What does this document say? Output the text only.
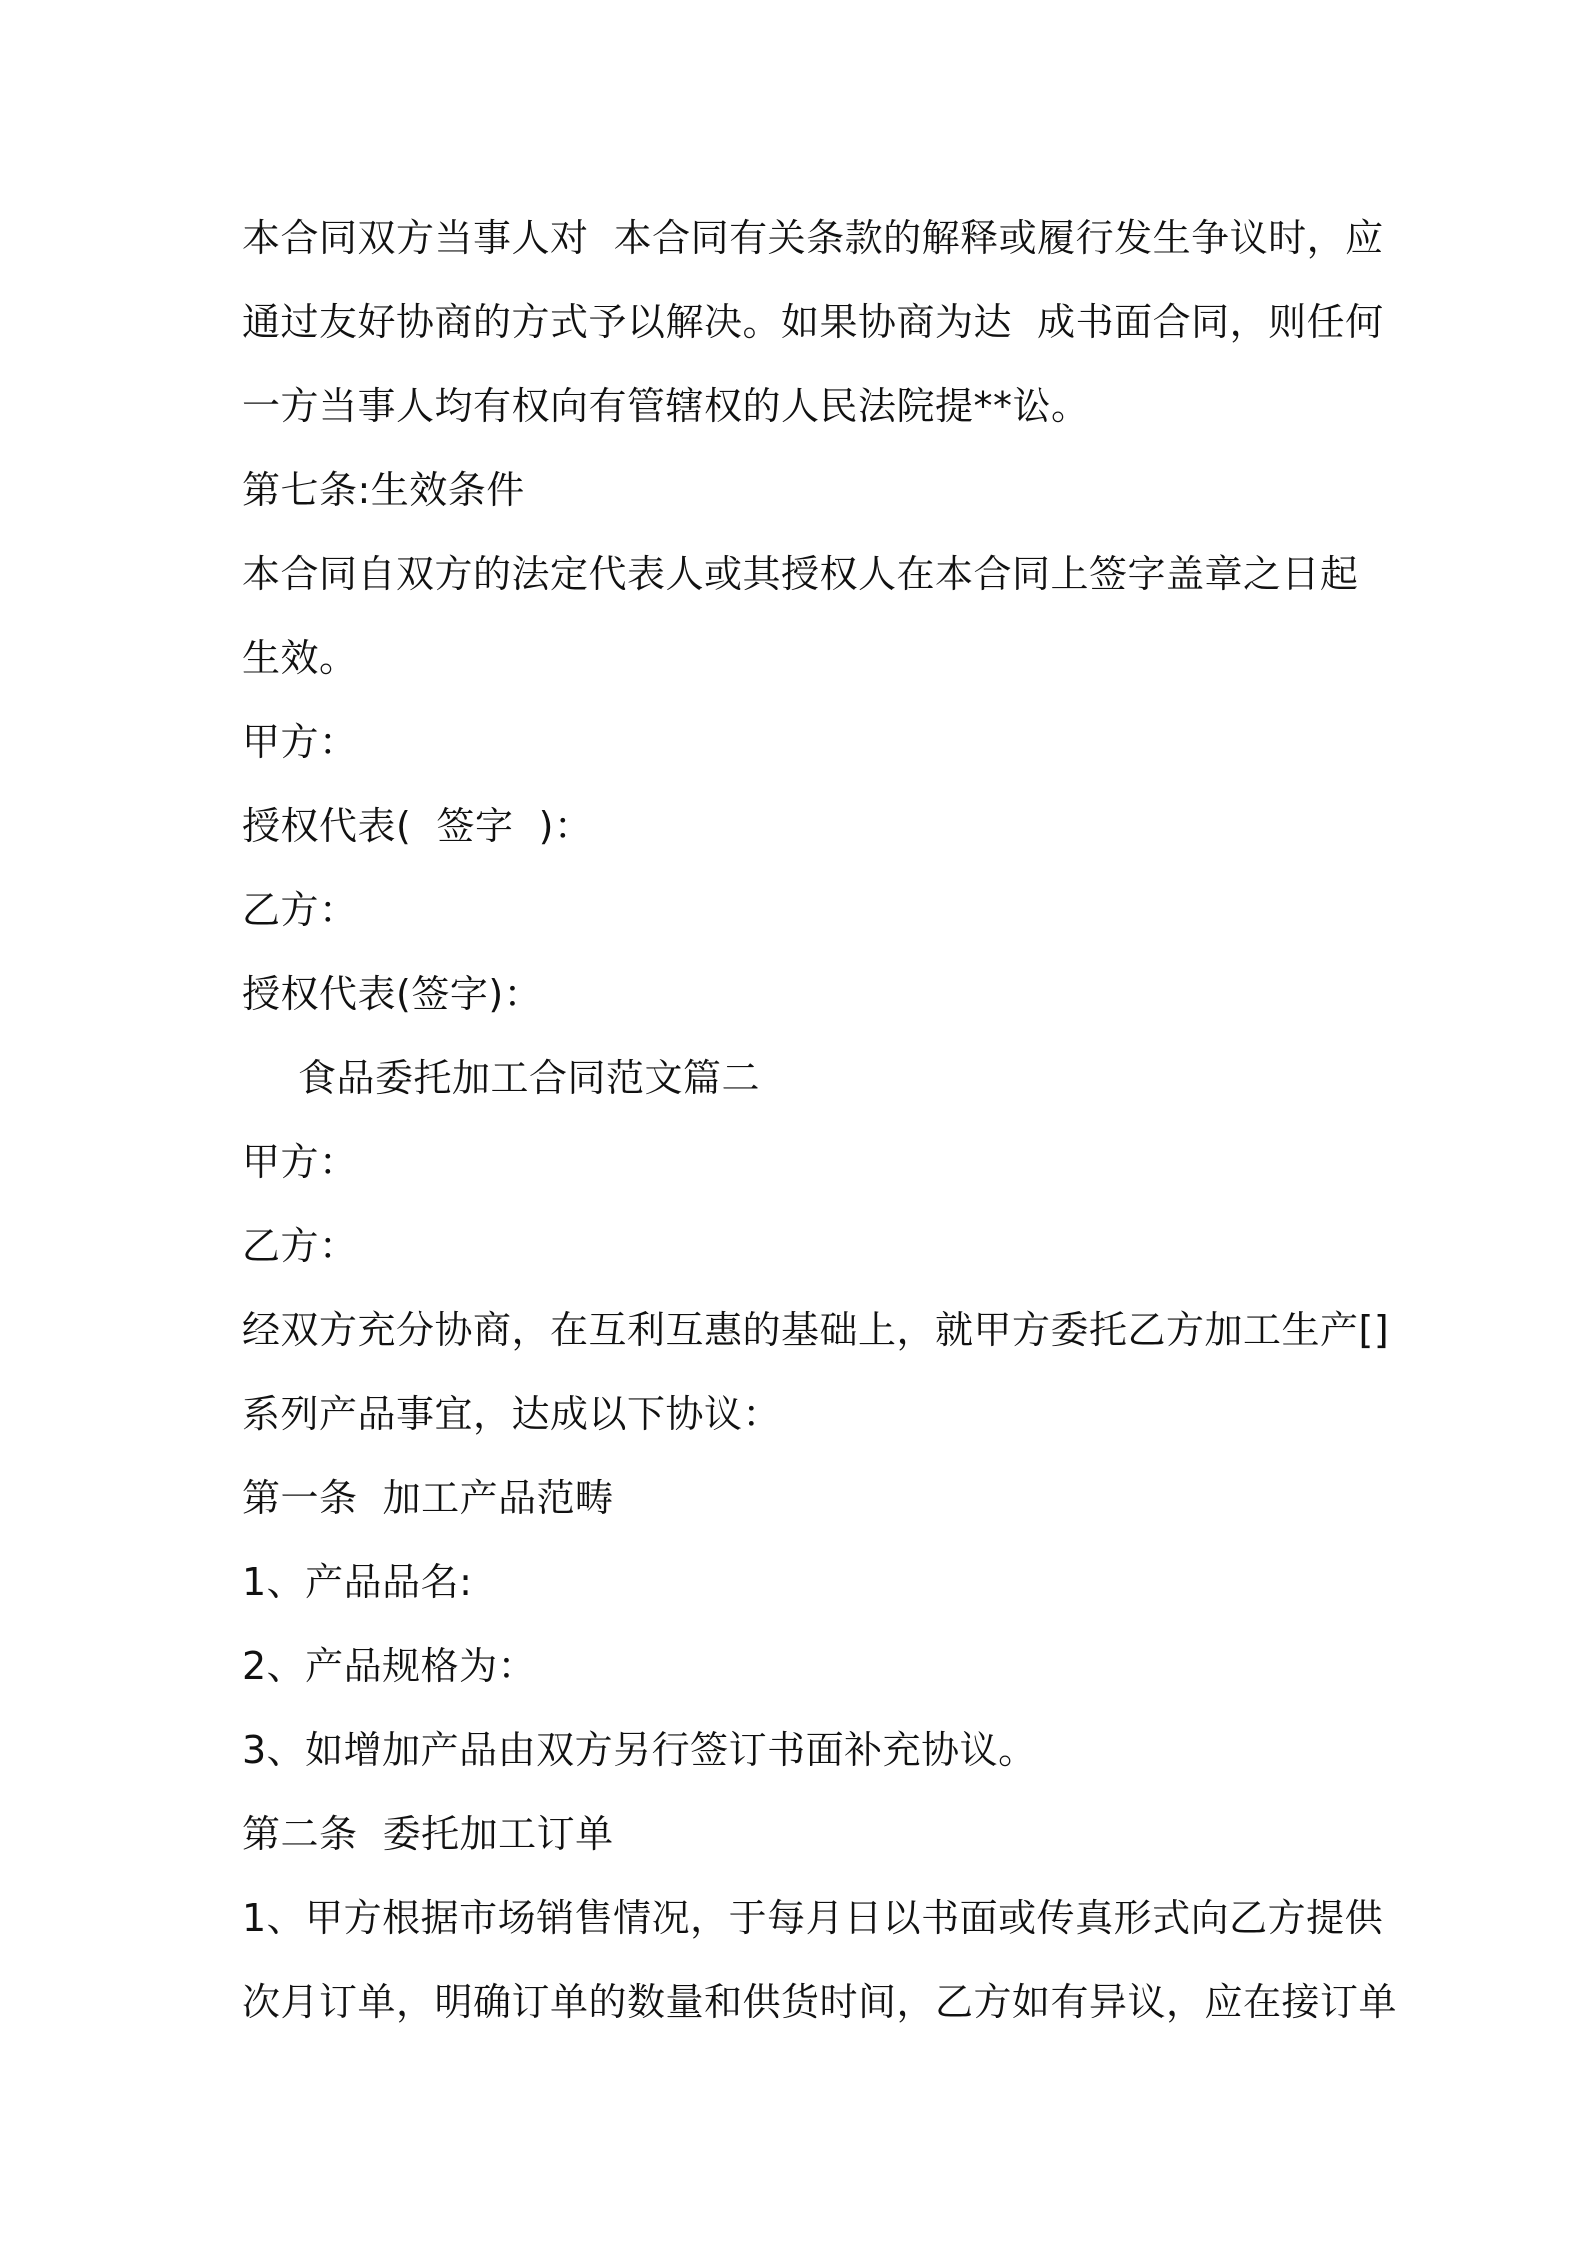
本合同双方当事人对  本合同有关条款的解释或履行发生争议时，应
通过友好协商的方式予以解决。如果协商为达  成书面合同，则任何
一方当事人均有权向有管辖权的人民法院提**讼。
第七条:生效条件
本合同自双方的法定代表人或其授权人在本合同上签字盖章之日起
生效。
甲方：
授权代表(  签字  )：
乙方：
授权代表(签字)：
食品委托加工合同范文篇二
甲方：
乙方：
经双方充分协商，在互利互惠的基础上，就甲方委托乙方加工生产[]
系列产品事宜，达成以下协议：
第一条  加工产品范畴
1、产品品名:
2、产品规格为：
3、如增加产品由双方另行签订书面补充协议。
第二条  委托加工订单
1、甲方根据市场销售情况，于每月日以书面或传真形式向乙方提供
次月订单，明确订单的数量和供货时间，乙方如有异议，应在接订单
